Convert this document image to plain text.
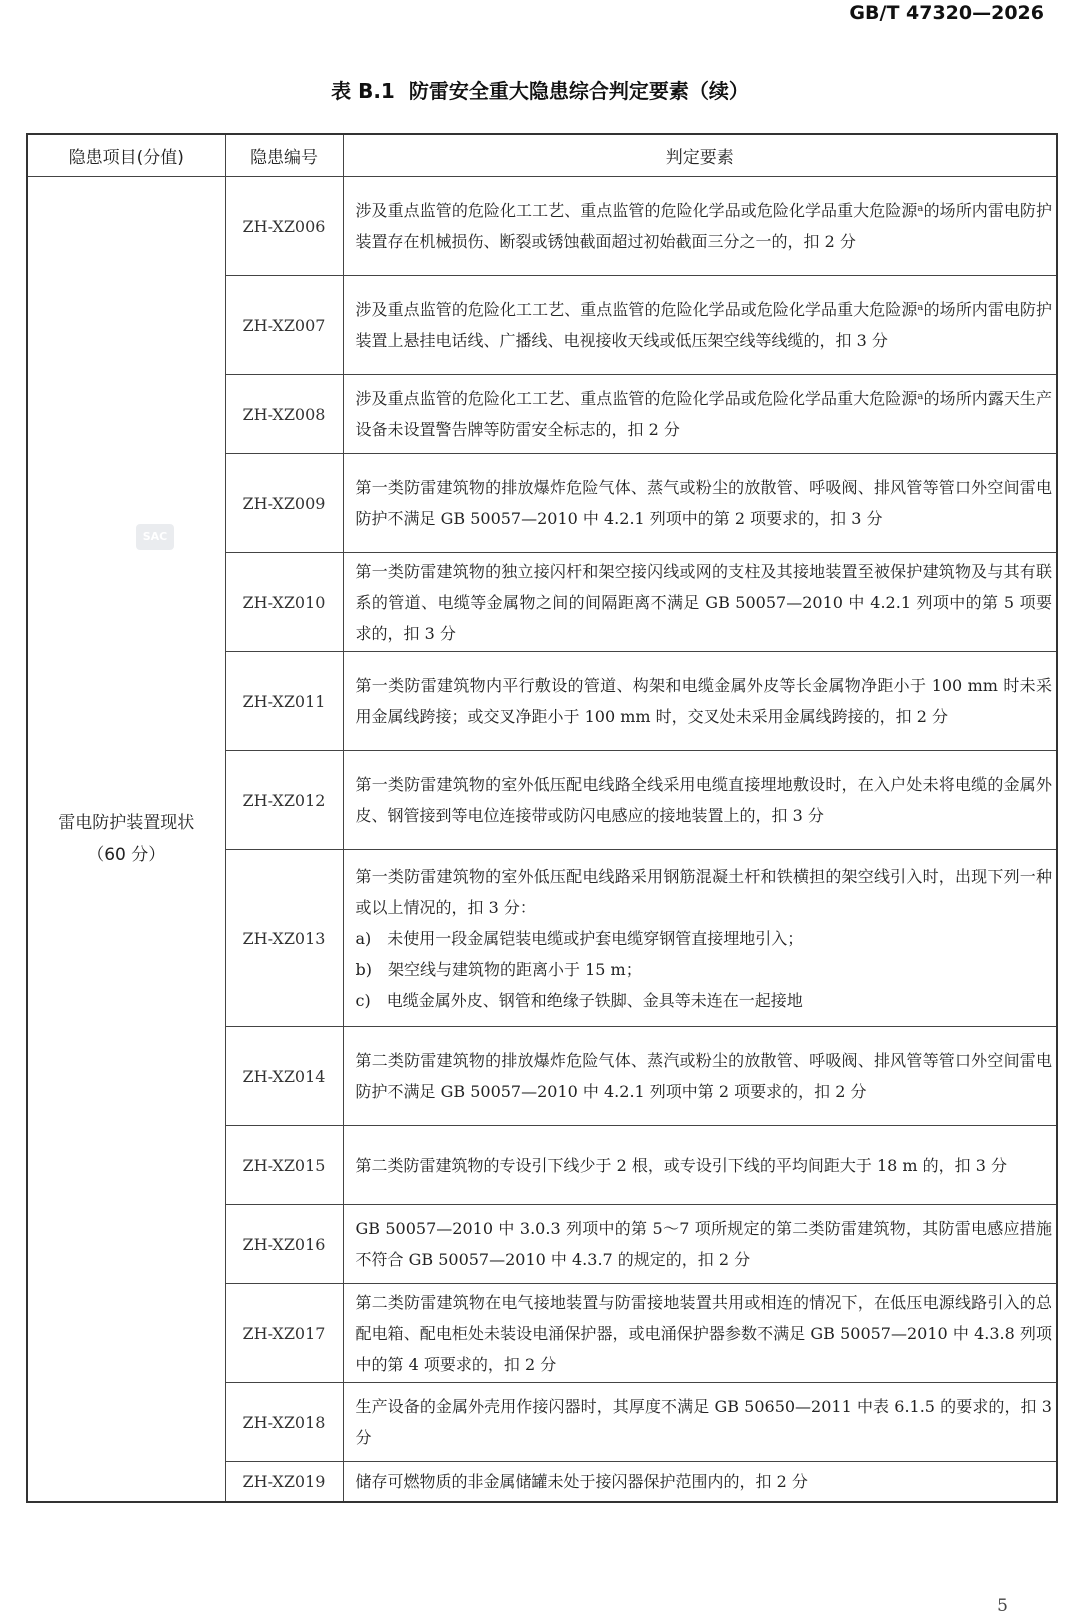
GB/T 47320—2026
表 B.1 防雷安全重大隐患综合判定要素（续）
SAC
隐患项目(分值)	隐患编号	判定要素

雷电防护装置现状
（60 分）	ZH-XZ006	涉及重点监管的危险化工工艺、重点监管的危险化学品或危险化学品重大危险源ᵃ的场所内雷电防护装置存在机械损伤、断裂或锈蚀截面超过初始截面三分之一的，扣 2 分

	ZH-XZ007	涉及重点监管的危险化工工艺、重点监管的危险化学品或危险化学品重大危险源ᵃ的场所内雷电防护装置上悬挂电话线、广播线、电视接收天线或低压架空线等线缆的，扣 3 分

	ZH-XZ008	涉及重点监管的危险化工工艺、重点监管的危险化学品或危险化学品重大危险源ᵃ的场所内露天生产设备未设置警告牌等防雷安全标志的，扣 2 分

	ZH-XZ009	第一类防雷建筑物的排放爆炸危险气体、蒸气或粉尘的放散管、呼吸阀、排风管等管口外空间雷电防护不满足 GB 50057—2010 中 4.2.1 列项中的第 2 项要求的，扣 3 分

	ZH-XZ010	第一类防雷建筑物的独立接闪杆和架空接闪线或网的支柱及其接地装置至被保护建筑物及与其有联系的管道、电缆等金属物之间的间隔距离不满足 GB 50057—2010 中 4.2.1 列项中的第 5 项要求的，扣 3 分

	ZH-XZ011	第一类防雷建筑物内平行敷设的管道、构架和电缆金属外皮等长金属物净距小于 100 mm 时未采用金属线跨接；或交叉净距小于 100 mm 时，交叉处未采用金属线跨接的，扣 2 分

	ZH-XZ012	第一类防雷建筑物的室外低压配电线路全线采用电缆直接埋地敷设时，在入户处未将电缆的金属外皮、钢管接到等电位连接带或防闪电感应的接地装置上的，扣 3 分

	ZH-XZ013	第一类防雷建筑物的室外低压配电线路采用钢筋混凝土杆和铁横担的架空线引入时，出现下列一种或以上情况的，扣 3 分：
a)　未使用一段金属铠装电缆或护套电缆穿钢管直接埋地引入；
b)　架空线与建筑物的距离小于 15 m；
c)　电缆金属外皮、钢管和绝缘子铁脚、金具等未连在一起接地

	ZH-XZ014	第二类防雷建筑物的排放爆炸危险气体、蒸汽或粉尘的放散管、呼吸阀、排风管等管口外空间雷电防护不满足 GB 50057—2010 中 4.2.1 列项中第 2 项要求的，扣 2 分

	ZH-XZ015	第二类防雷建筑物的专设引下线少于 2 根，或专设引下线的平均间距大于 18 m 的，扣 3 分

	ZH-XZ016	GB 50057—2010 中 3.0.3 列项中的第 5～7 项所规定的第二类防雷建筑物，其防雷电感应措施不符合 GB 50057—2010 中 4.3.7 的规定的，扣 2 分

	ZH-XZ017	第二类防雷建筑物在电气接地装置与防雷接地装置共用或相连的情况下，在低压电源线路引入的总配电箱、配电柜处未装设电涌保护器，或电涌保护器参数不满足 GB 50057—2010 中 4.3.8 列项中的第 4 项要求的，扣 2 分

	ZH-XZ018	生产设备的金属外壳用作接闪器时，其厚度不满足 GB 50650—2011 中表 6.1.5 的要求的，扣 3 分

	ZH-XZ019	储存可燃物质的非金属储罐未处于接闪器保护范围内的，扣 2 分
5
